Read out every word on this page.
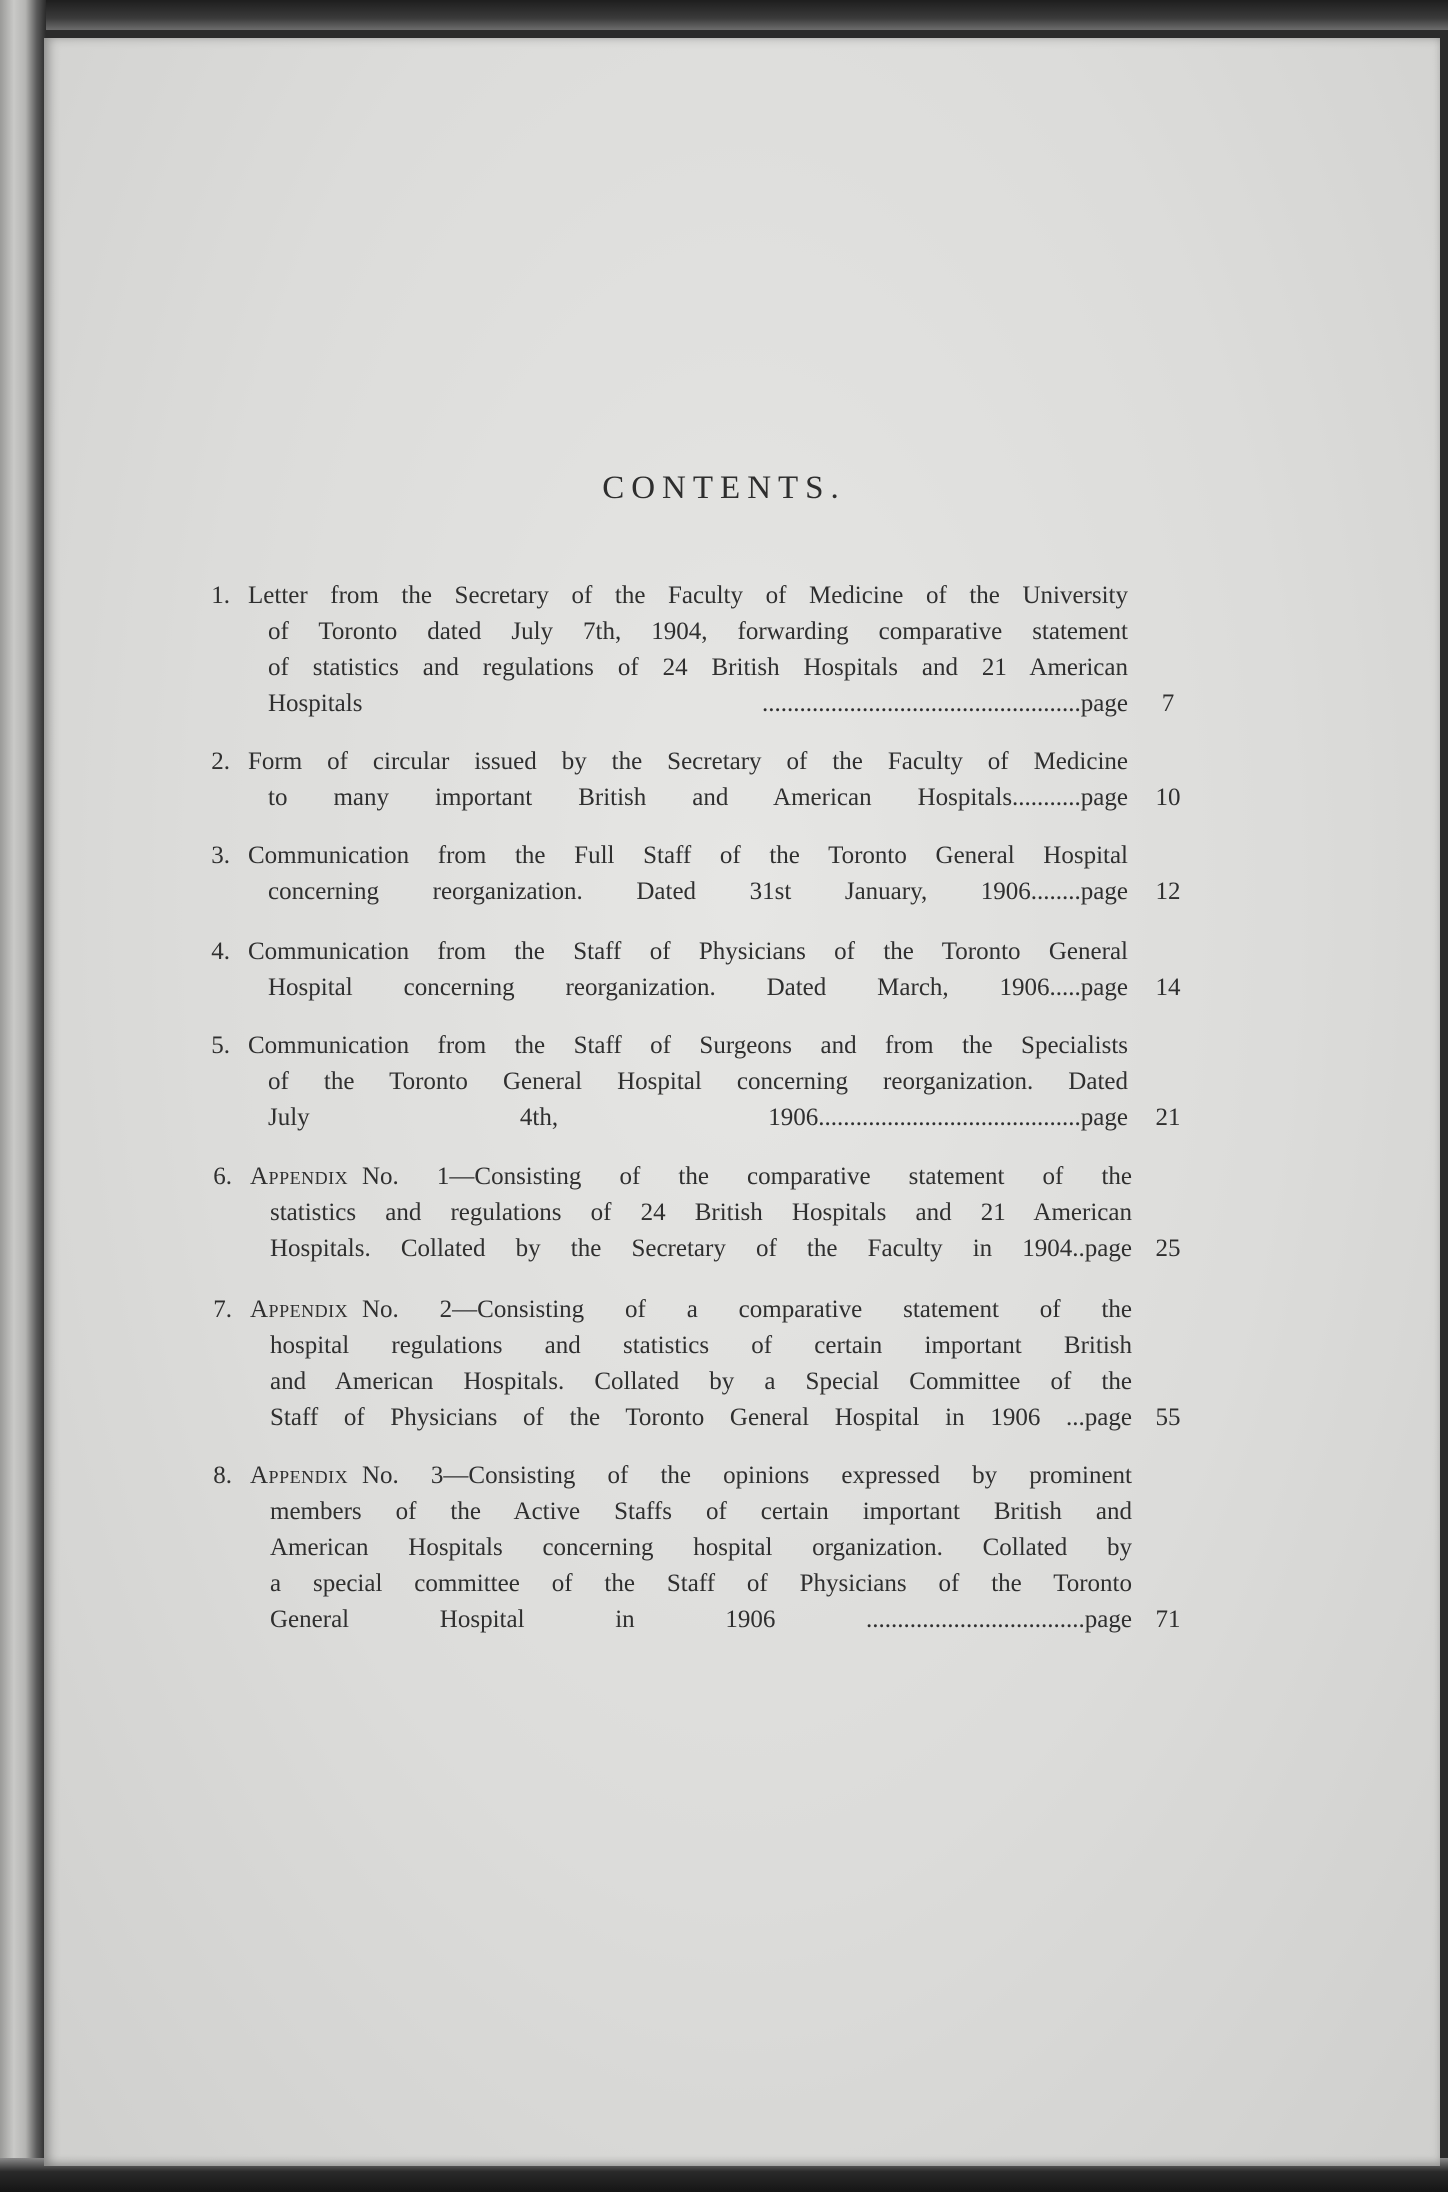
CONTENTS.
1. Letter from the Secretary of the Faculty of Medicine of the University
of Toronto dated July 7th, 1904, forwarding comparative statement
of statistics and regulations of 24 British Hospitals and 21 American
Hospitals ...................................................page	7
2. Form of circular issued by the Secretary of the Faculty of Medicine
to many important British and American Hospitals...........page 10
3. Communication from the Full Staff of the Toronto General Hospital
concerning reorganization. Dated 31st January, 1906........page 12
4. Communication from the Staff of Physicians of the Toronto General
Hospital concerning reorganization. Dated March, 1906.....page 14
5. Communication from the Staff of Surgeons and from the Specialists
of the Toronto General Hospital concerning reorganization. Dated
July 4th, 1906..........................................page 21
6. Appendix No. 1—Consisting of the comparative statement of the
statistics and regulations of 24 British Hospitals and 21 American
Hospitals. Collated by the Secretary of the Faculty in 1904..page 25
7. Appendix No. 2—Consisting of a comparative statement of the
hospital regulations and statistics of certain important British
and American Hospitals. Collated by a Special Committee of the
Staff of Physicians of the Toronto General Hospital in 1906 ...page 55
8. Appendix No. 3—Consisting of the opinions expressed by prominent
members of the Active Staffs of certain important British and
American Hospitals concerning hospital organization. Collated by
a special committee of the Staff of Physicians of the Toronto
General Hospital in 1906 ...................................page 71
